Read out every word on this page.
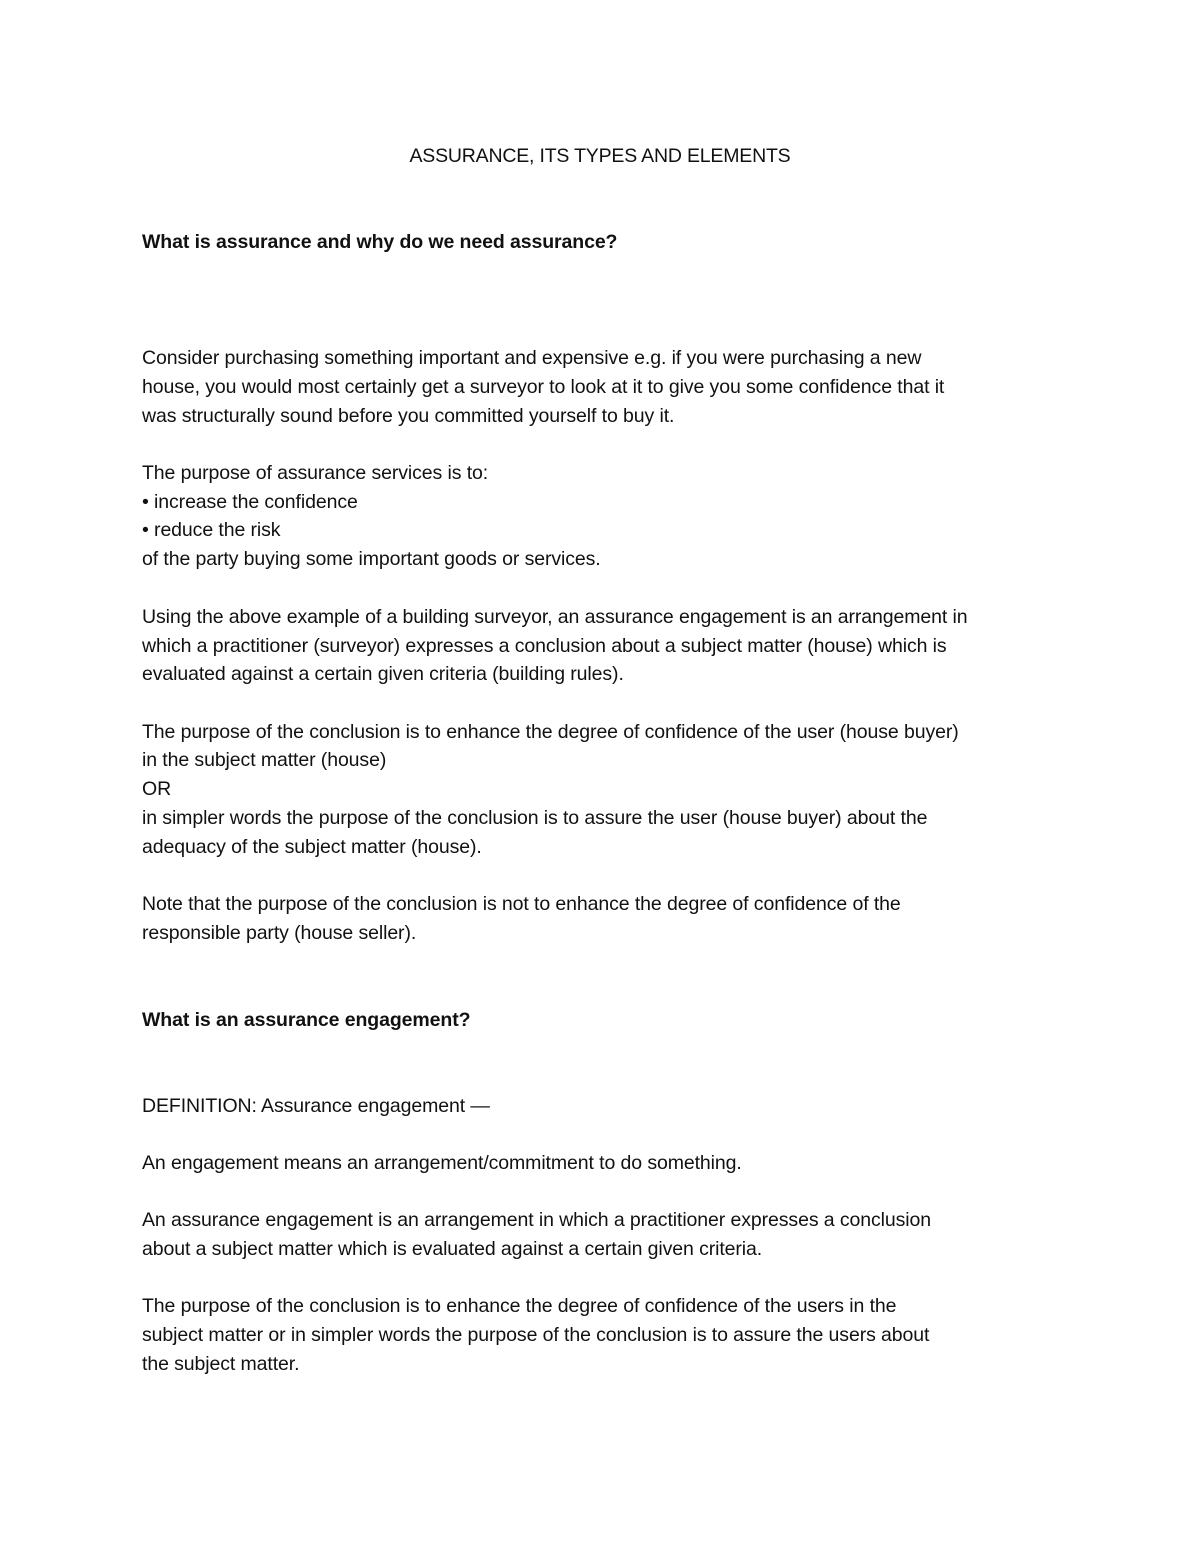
ASSURANCE, ITS TYPES AND ELEMENTS
What is assurance and why do we need assurance?
Consider purchasing something important and expensive e.g. if you were purchasing a new
house, you would most certainly get a surveyor to look at it to give you some confidence that it
was structurally sound before you committed yourself to buy it.
The purpose of assurance services is to:
• increase the confidence
• reduce the risk
of the party buying some important goods or services.
Using the above example of a building surveyor, an assurance engagement is an arrangement in
which a practitioner (surveyor) expresses a conclusion about a subject matter (house) which is
evaluated against a certain given criteria (building rules).
The purpose of the conclusion is to enhance the degree of confidence of the user (house buyer)
in the subject matter (house)
OR
in simpler words the purpose of the conclusion is to assure the user (house buyer) about the
adequacy of the subject matter (house).
Note that the purpose of the conclusion is not to enhance the degree of confidence of the
responsible party (house seller).
What is an assurance engagement?
DEFINITION: Assurance engagement —
An engagement means an arrangement/commitment to do something.
An assurance engagement is an arrangement in which a practitioner expresses a conclusion
about a subject matter which is evaluated against a certain given criteria.
The purpose of the conclusion is to enhance the degree of confidence of the users in the
subject matter or in simpler words the purpose of the conclusion is to assure the users about
the subject matter.
